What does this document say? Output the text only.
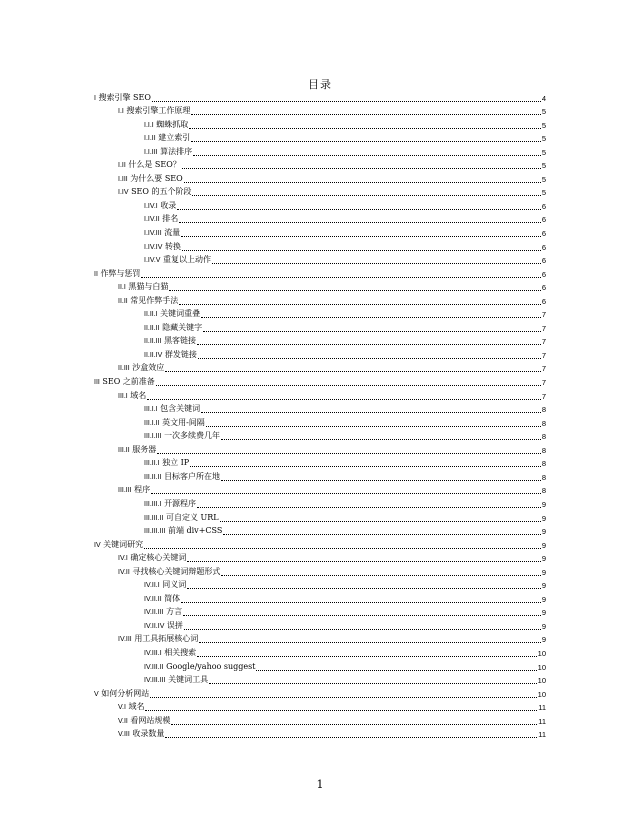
目录
I 搜索引擎 SEO	4
I.I 搜索引擎工作原理	5
I.I.I 蜘蛛抓取	5
I.I.II 建立索引	5
I.I.III 算法排序	5
I.II 什么是 SEO？	5
I.III 为什么要 SEO	5
I.IV SEO 的五个阶段	5
I.IV.I 收录	6
I.IV.II 排名	6
I.IV.III 流量	6
I.IV.IV 转换	6
I.IV.V 重复以上动作	6
II 作弊与惩罚	6
II.I 黑猫与白猫	6
II.II 常见作弊手法	6
II.II.I 关键词重叠	7
II.II.II 隐藏关键字	7
II.II.III 黑客链接	7
II.II.IV 群发链接	7
II.III 沙盒效应	7
III SEO 之前准备	7
III.I 域名	7
III.I.I 包含关键词	8
III.I.II 英文用-间隔	8
III.I.III 一次多续费几年	8
III.II 服务器	8
III.II.I 独立 IP	8
III.II.II 目标客户所在地	8
III.III 程序	8
III.III.I 开源程序	9
III.III.II 可自定义 URL	9
III.III.III 前端 div+CSS	9
IV 关键词研究	9
IV.I 确定核心关键词	9
IV.II 寻找核心关键词辩题形式	9
IV.II.I 同义词	9
IV.II.II 简体	9
IV.II.III 方言	9
IV.II.IV 误拼	9
IV.III 用工具拓展核心词	9
IV.III.I 相关搜索	10
IV.III.II Google/yahoo suggest	10
IV.III.III 关键词工具	10
V 如何分析网站	10
V.I 域名	11
V.II 看网站规模	11
V.III 收录数量	11
1
